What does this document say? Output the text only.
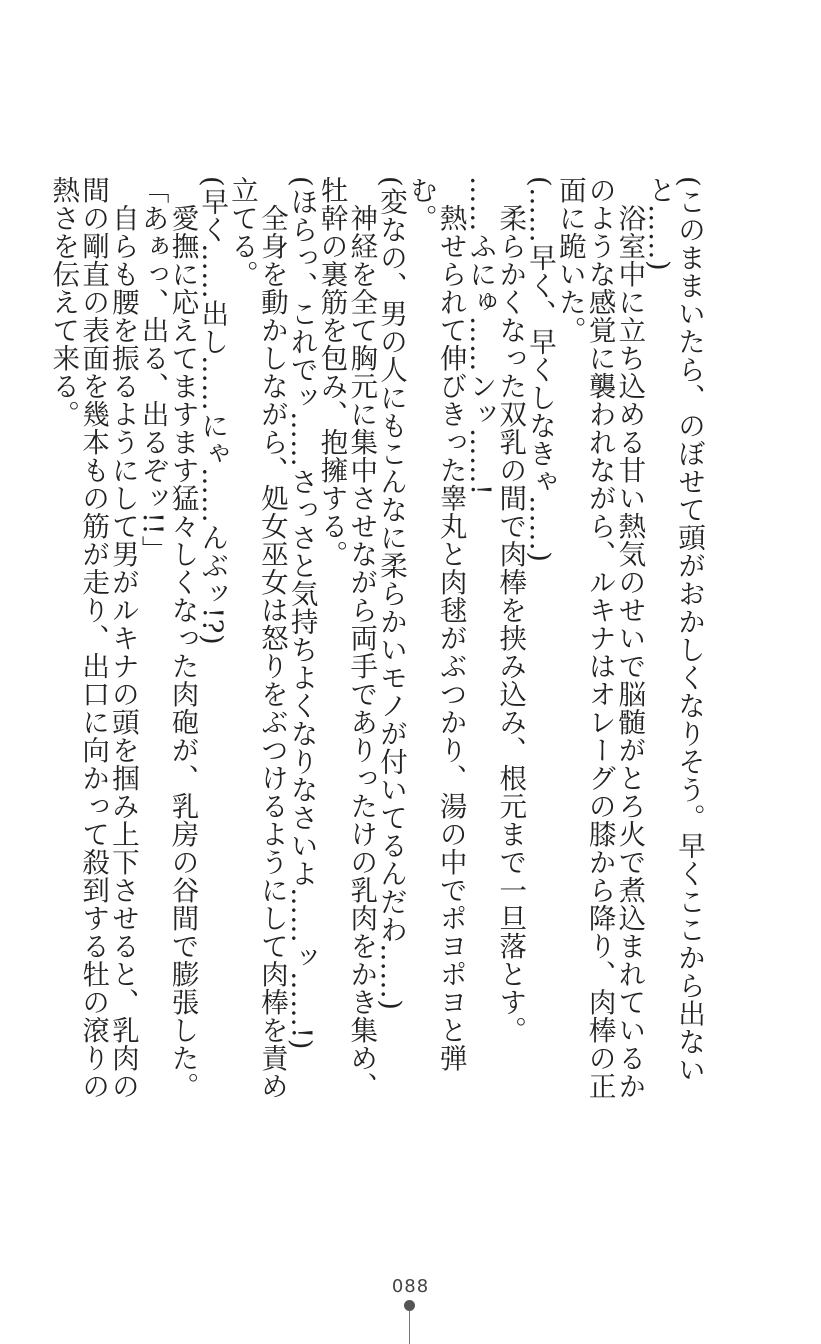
(このままいたら、のぼせて頭がおかしくなりそう。早くここから出ないと……)

浴室中に立ち込める甘い熱気のせいで脳髄がとろ火で煮込まれているかのような感覚に襲われながら、ルキナはオレーグの膝から降り、肉棒の正面に跪いた。

(……早く、早くしなきゃ……)

柔らかくなった双乳の間で肉棒を挟み込み、根元まで一旦落とす。

……ふにゅ……ンッ……!

熱せられて伸びきった睾丸と肉毬がぶつかり、湯の中でポヨポヨと弾む。

(変なの、男の人にもこんなに柔らかいモノが付いてるんだわ……)

神経を全て胸元に集中させながら両手でありったけの乳肉をかき集め、牡幹の裏筋を包み、抱擁する。

(ほらっ、これでッ……さっさと気持ちよくなりなさいよ……ッ……!)

全身を動かしながら、処女巫女は怒りをぶつけるようにして肉棒を責め立てる。

(早く……出し……にゃ……んぶッ!?)

愛撫に応えてますます猛々しくなった肉砲が、乳房の谷間で膨張した。

「あぁっ、出る、出るぞッ!!」

自らも腰を振るようにして男がルキナの頭を掴み上下させると、乳肉の間の剛直の表面を幾本もの筋が走り、出口に向かって殺到する牡の滾りの熱さを伝えて来る。

088
